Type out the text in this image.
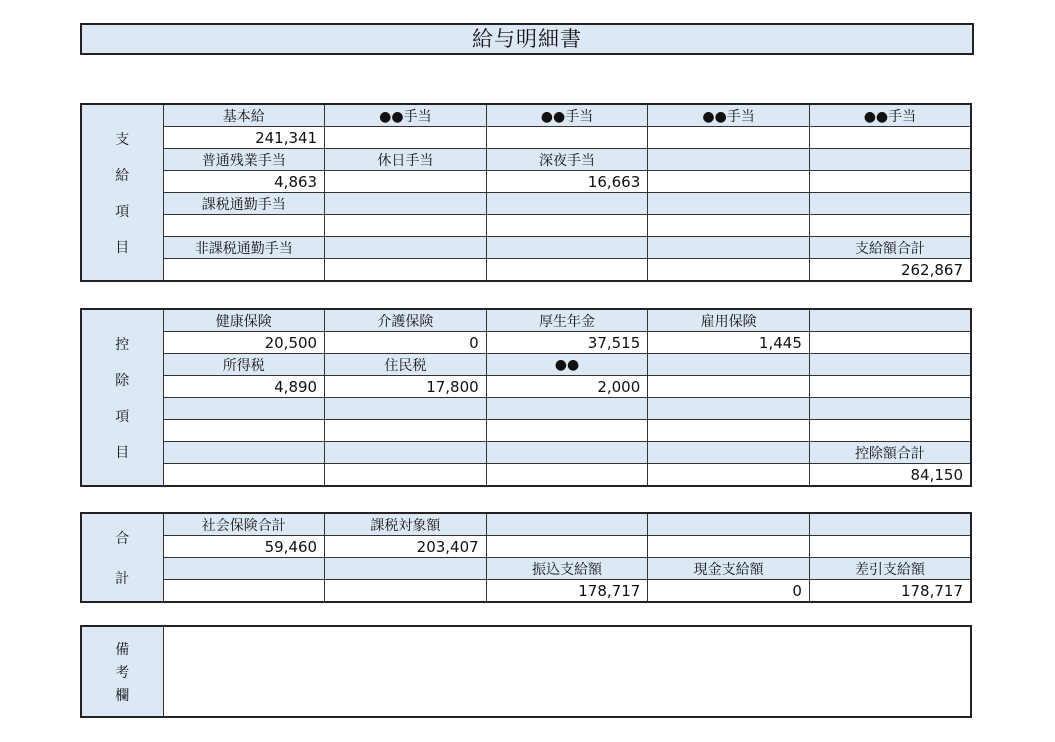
給与明細書
支
給
項
目	基本給	●●手当	●●手当	●●手当	●●手当
	241,341				
	普通残業手当	休日手当	深夜手当		
	4,863		16,663		
	課税通勤手当				

	非課税通勤手当				支給額合計
					262,867
控
除
項
目	健康保険	介護保険	厚生年金	雇用保険	
	20,500	0	37,515	1,445	
	所得税	住民税	●●		
	4,890	17,800	2,000		

					控除額合計
					84,150
合
計	社会保険合計	課税対象額			
	59,460	203,407			
			振込支給額	現金支給額	差引支給額
			178,717	0	178,717
備
考
欄
